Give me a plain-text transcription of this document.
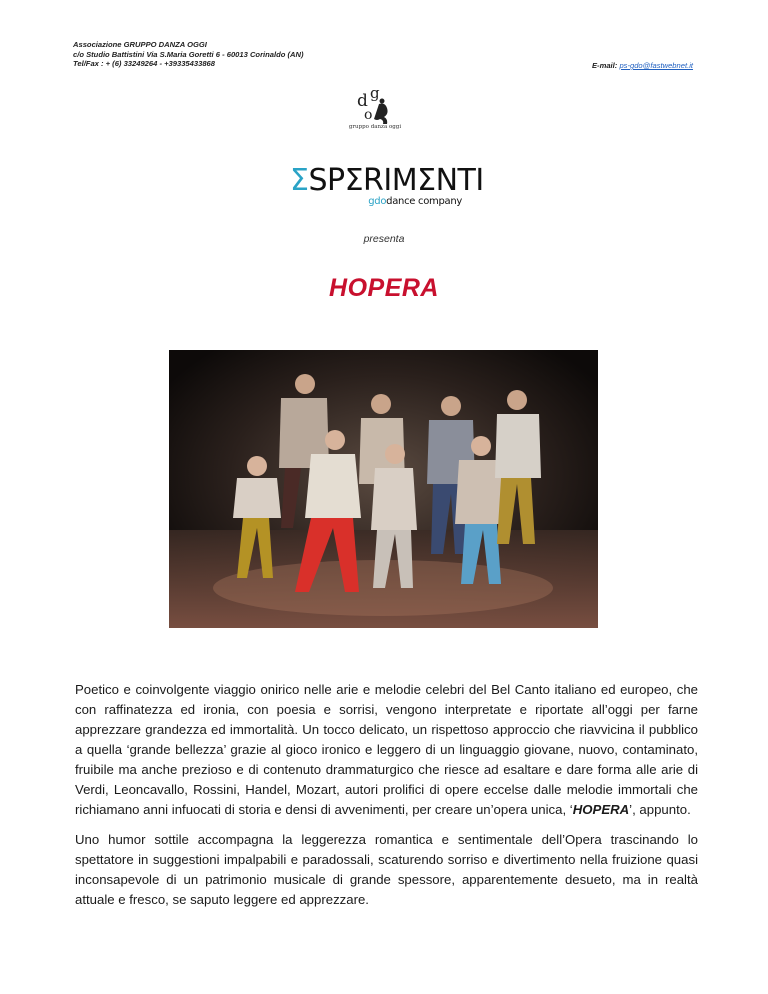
Associazione GRUPPO DANZA OGGI
c/o Studio Battistini Via S.Maria Goretti 6 - 60013 Corinaldo (AN)
Tel/Fax : + (6) 33249264 - +39335433868	E-mail: ps-gdo@fastwebnet.it
d g
o
gruppo danza oggi
ΣSPΣRIMΣNTI
gdodance company
presenta
HOPERA

Poetico e coinvolgente viaggio onirico nelle arie e melodie celebri del Bel Canto italiano ed europeo, che con raffinatezza ed ironia, con poesia e sorrisi, vengono interpretate e riportate all’oggi per farne apprezzare grandezza ed immortalità. Un tocco delicato, un rispettoso approccio che riavvicina il pubblico a quella ‘grande bellezza’ grazie al gioco ironico e leggero di un linguaggio giovane, nuovo, contaminato, fruibile ma anche prezioso e di contenuto drammaturgico che riesce ad esaltare e dare forma alle arie di Verdi, Leoncavallo, Rossini, Handel, Mozart, autori prolifici di opere eccelse dalle melodie immortali che richiamano anni infuocati di storia e densi di avvenimenti, per creare un’opera unica, ‘HOPERA’, appunto.

Uno humor sottile accompagna la leggerezza romantica e sentimentale dell’Opera trascinando lo spettatore in suggestioni impalpabili e paradossali, scaturendo sorriso e divertimento nella fruizione quasi inconsapevole di un patrimonio musicale di grande spessore, apparentemente desueto, ma in realtà attuale e fresco, se saputo leggere ed apprezzare.
